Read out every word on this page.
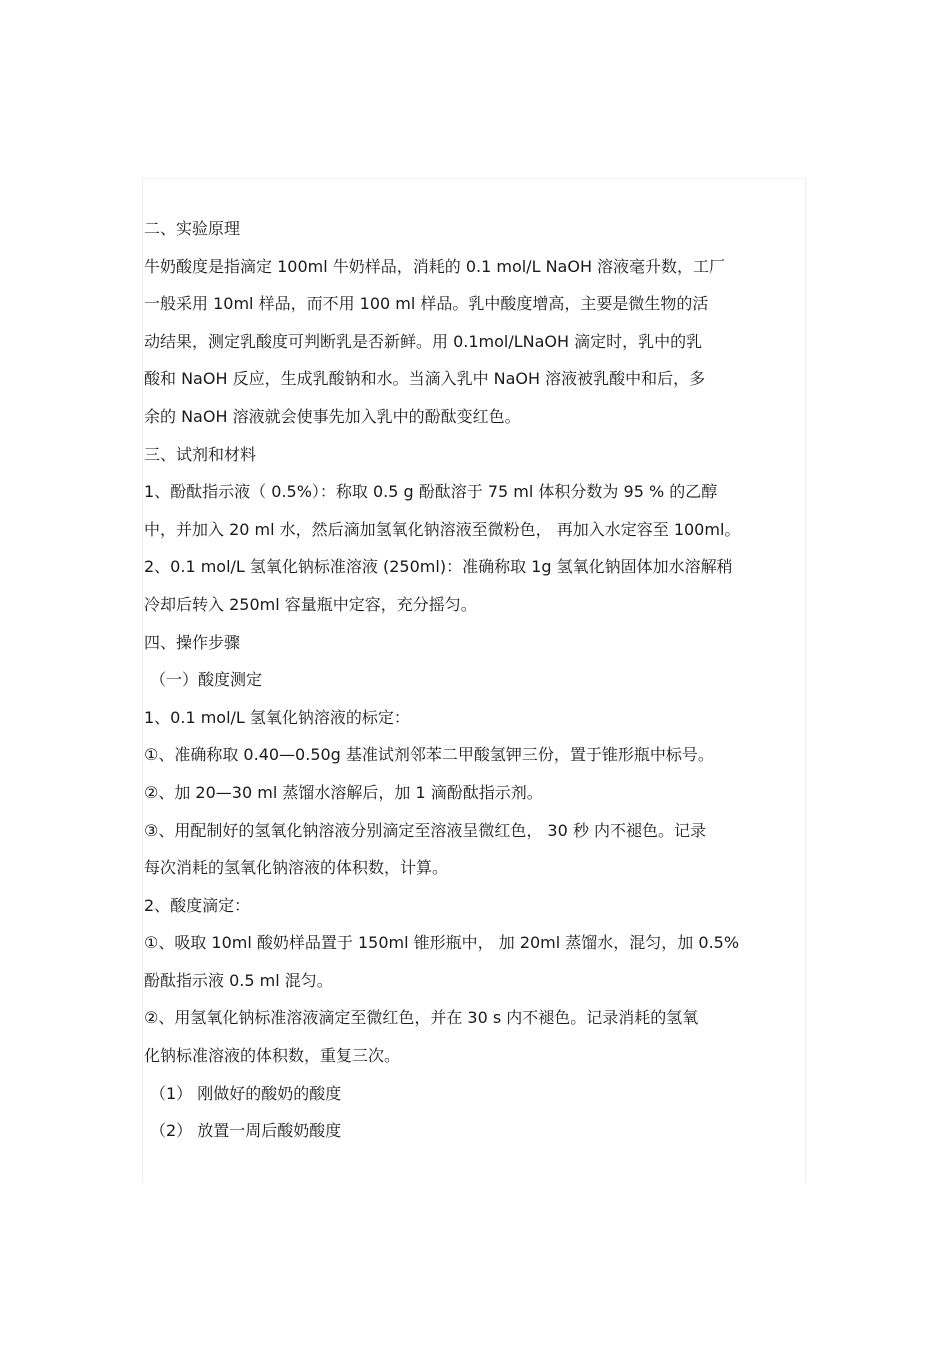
二、实验原理
牛奶酸度是指滴定 100ml 牛奶样品，消耗的 0.1 mol/L NaOH 溶液毫升数，工厂
一般采用 10ml 样品，而不用 100 ml 样品。乳中酸度增高，主要是微生物的活
动结果，测定乳酸度可判断乳是否新鲜。用 0.1mol/LNaOH 滴定时，乳中的乳
酸和 NaOH 反应，生成乳酸钠和水。当滴入乳中 NaOH 溶液被乳酸中和后，多
余的 NaOH 溶液就会使事先加入乳中的酚酞变红色。
三、试剂和材料
1、酚酞指示液（ 0.5%）：称取 0.5 g 酚酞溶于 75 ml 体积分数为 95 % 的乙醇
中，并加入 20 ml 水，然后滴加氢氧化钠溶液至微粉色， 再加入水定容至 100ml。
2、0.1 mol/L 氢氧化钠标准溶液 (250ml)：准确称取 1g 氢氧化钠固体加水溶解稍
冷却后转入 250ml 容量瓶中定容，充分摇匀。
四、操作步骤
（一）酸度测定
1、0.1 mol/L 氢氧化钠溶液的标定：
①、准确称取 0.40—0.50g 基准试剂邻苯二甲酸氢钾三份，置于锥形瓶中标号。
②、加 20—30 ml 蒸馏水溶解后，加 1 滴酚酞指示剂。
③、用配制好的氢氧化钠溶液分别滴定至溶液呈微红色， 30 秒 内不褪色。记录
每次消耗的氢氧化钠溶液的体积数，计算。
2、酸度滴定：
①、吸取 10ml 酸奶样品置于 150ml 锥形瓶中， 加 20ml 蒸馏水，混匀，加 0.5%
酚酞指示液 0.5 ml 混匀。
②、用氢氧化钠标准溶液滴定至微红色，并在 30 s 内不褪色。记录消耗的氢氧
化钠标准溶液的体积数，重复三次。
（1） 刚做好的酸奶的酸度
（2） 放置一周后酸奶酸度
